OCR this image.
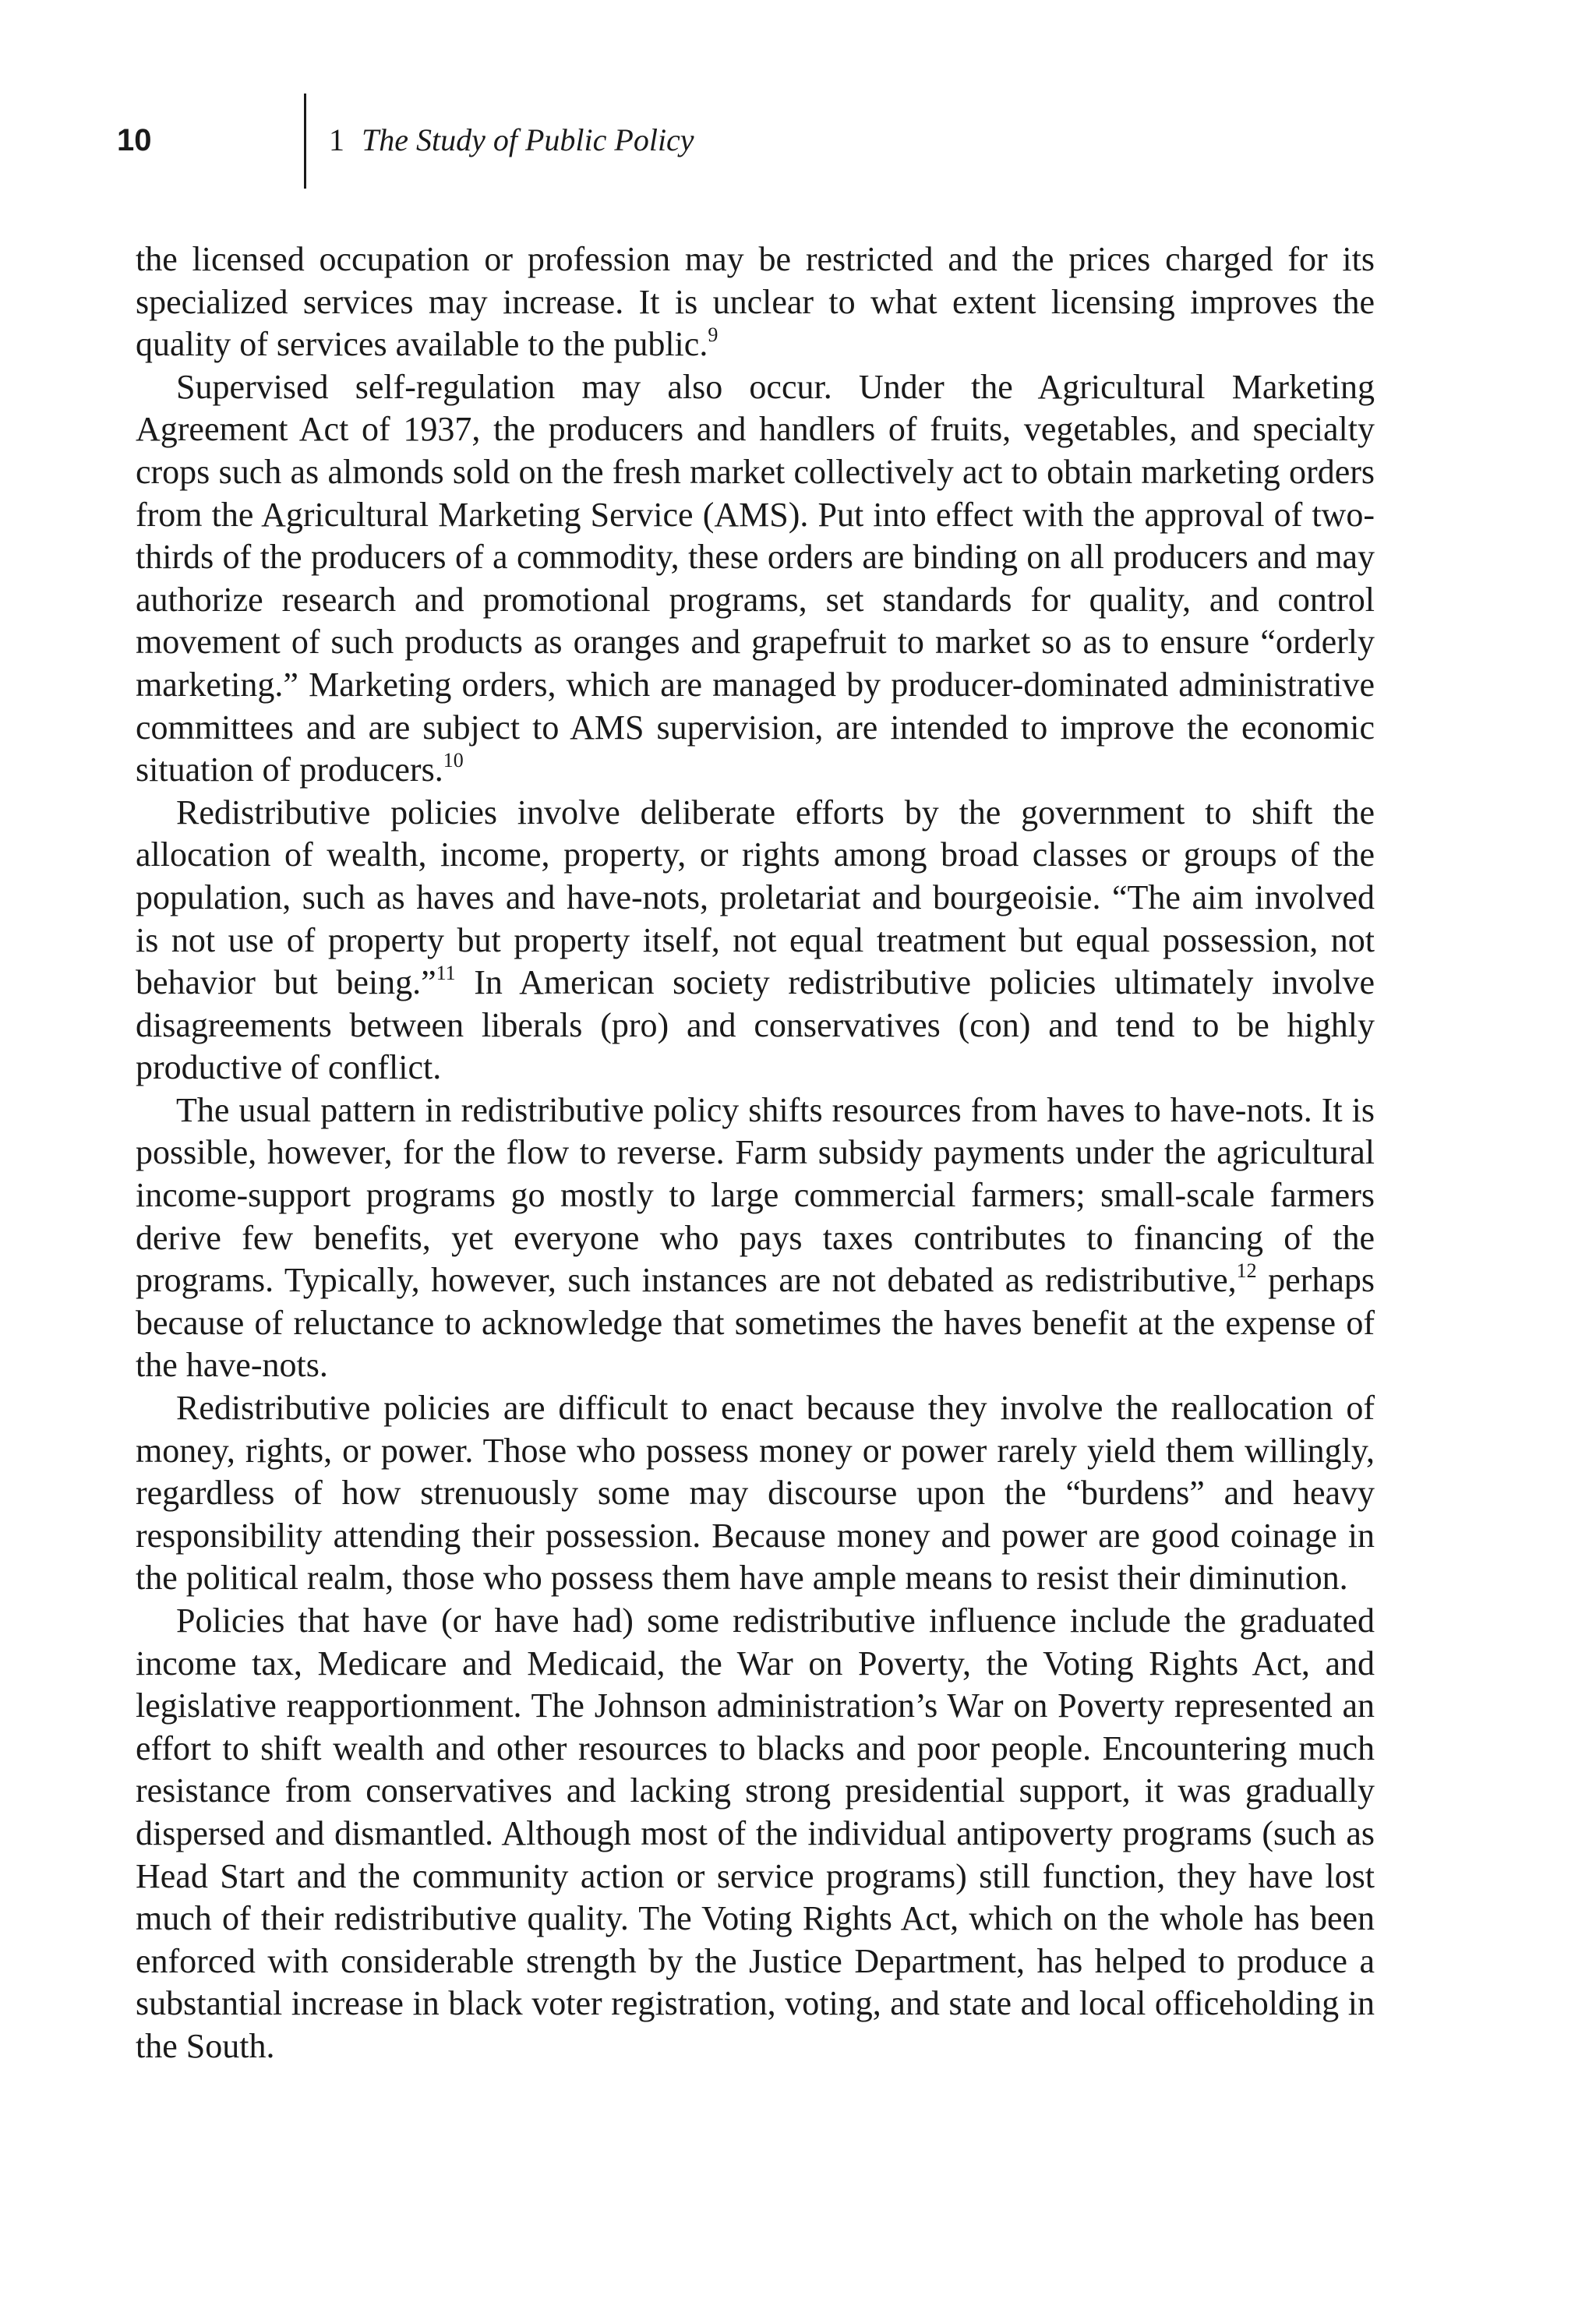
10	1 The Study of Public Policy

the licensed occupation or profession may be restricted and the prices charged for its specialized services may increase. It is unclear to what extent licensing improves the quality of services available to the public.$^9$

Supervised self-regulation may also occur. Under the Agricultural Marketing Agreement Act of 1937, the producers and handlers of fruits, vegetables, and specialty crops such as almonds sold on the fresh market collectively act to obtain marketing orders from the Agricultural Marketing Service (AMS). Put into effect with the approval of two-thirds of the producers of a commodity, these orders are binding on all producers and may authorize research and promotional programs, set standards for quality, and control movement of such products as oranges and grapefruit to market so as to ensure “orderly marketing.” Marketing orders, which are managed by producer-dominated administrative committees and are subject to AMS supervision, are intended to improve the economic situation of producers.$^{10}$

Redistributive policies involve deliberate efforts by the government to shift the allocation of wealth, income, property, or rights among broad classes or groups of the population, such as haves and have-nots, proletariat and bourgeoisie. “The aim involved is not use of property but property itself, not equal treatment but equal possession, not behavior but being.”$^{11}$ In American society redistributive policies ultimately involve disagreements between liberals (pro) and conservatives (con) and tend to be highly productive of conflict.

The usual pattern in redistributive policy shifts resources from haves to have-nots. It is possible, however, for the flow to reverse. Farm subsidy payments under the agricultural income-support programs go mostly to large commercial farmers; small-scale farmers derive few benefits, yet everyone who pays taxes contributes to financing of the programs. Typically, however, such instances are not debated as redistributive,$^{12}$ perhaps because of reluctance to acknowledge that sometimes the haves benefit at the expense of the have-nots.

Redistributive policies are difficult to enact because they involve the reallocation of money, rights, or power. Those who possess money or power rarely yield them willingly, regardless of how strenuously some may discourse upon the “burdens” and heavy responsibility attending their possession. Because money and power are good coinage in the political realm, those who possess them have ample means to resist their diminution.

Policies that have (or have had) some redistributive influence include the graduated income tax, Medicare and Medicaid, the War on Poverty, the Voting Rights Act, and legislative reapportionment. The Johnson administration’s War on Poverty represented an effort to shift wealth and other resources to blacks and poor people. Encountering much resistance from conservatives and lacking strong presidential support, it was gradually dispersed and dismantled. Although most of the individual antipoverty programs (such as Head Start and the community action or service programs) still function, they have lost much of their redistributive quality. The Voting Rights Act, which on the whole has been enforced with considerable strength by the Justice Department, has helped to produce a substantial increase in black voter registration, voting, and state and local officeholding in the South.
